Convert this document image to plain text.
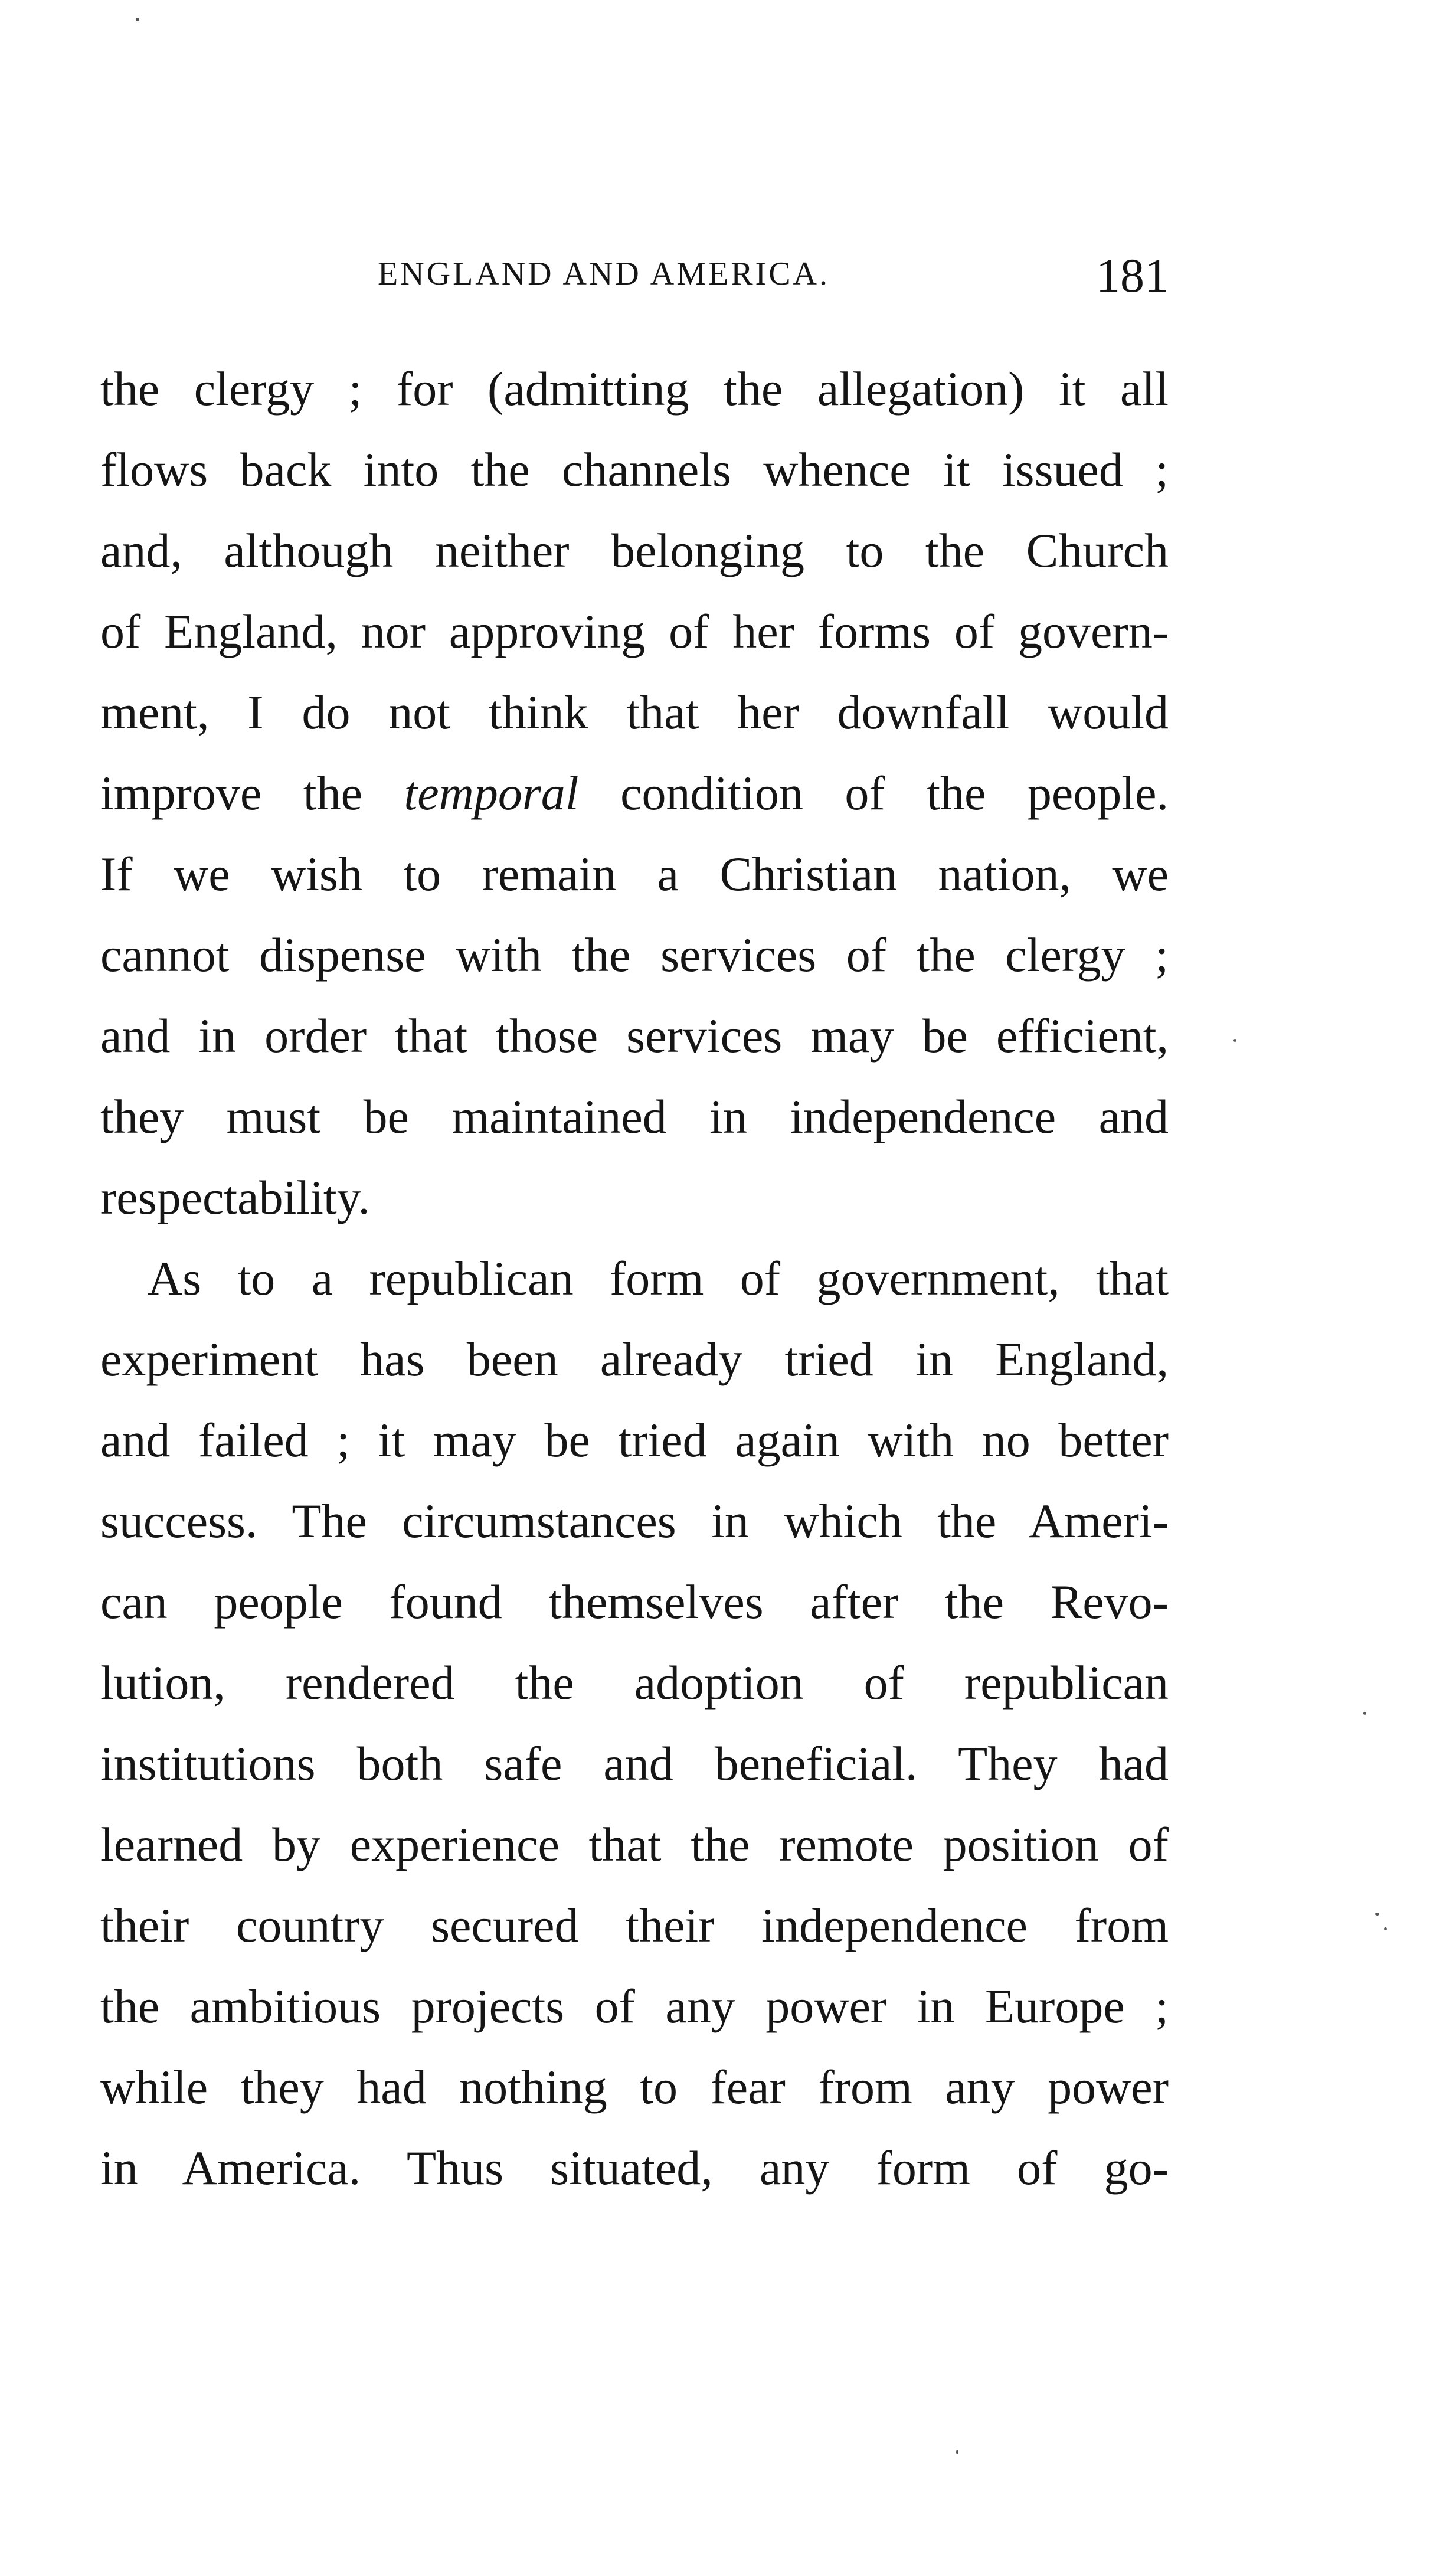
ENGLAND AND AMERICA.	181
the clergy ; for (admitting the allegation) it all
flows back into the channels whence it issued ;
and, although neither belonging to the Church
of England, nor approving of her forms of govern-
ment, I do not think that her downfall would
improve the temporal condition of the people.
If we wish to remain a Christian nation, we
cannot dispense with the services of the clergy ;
and in order that those services may be efficient,
they must be maintained in independence and
respectability.
As to a republican form of government, that
experiment has been already tried in England,
and failed ; it may be tried again with no better
success. The circumstances in which the Ameri-
can people found themselves after the Revo-
lution, rendered the adoption of republican
institutions both safe and beneficial. They had
learned by experience that the remote position of
their country secured their independence from
the ambitious projects of any power in Europe ;
while they had nothing to fear from any power
in America. Thus situated, any form of go-
